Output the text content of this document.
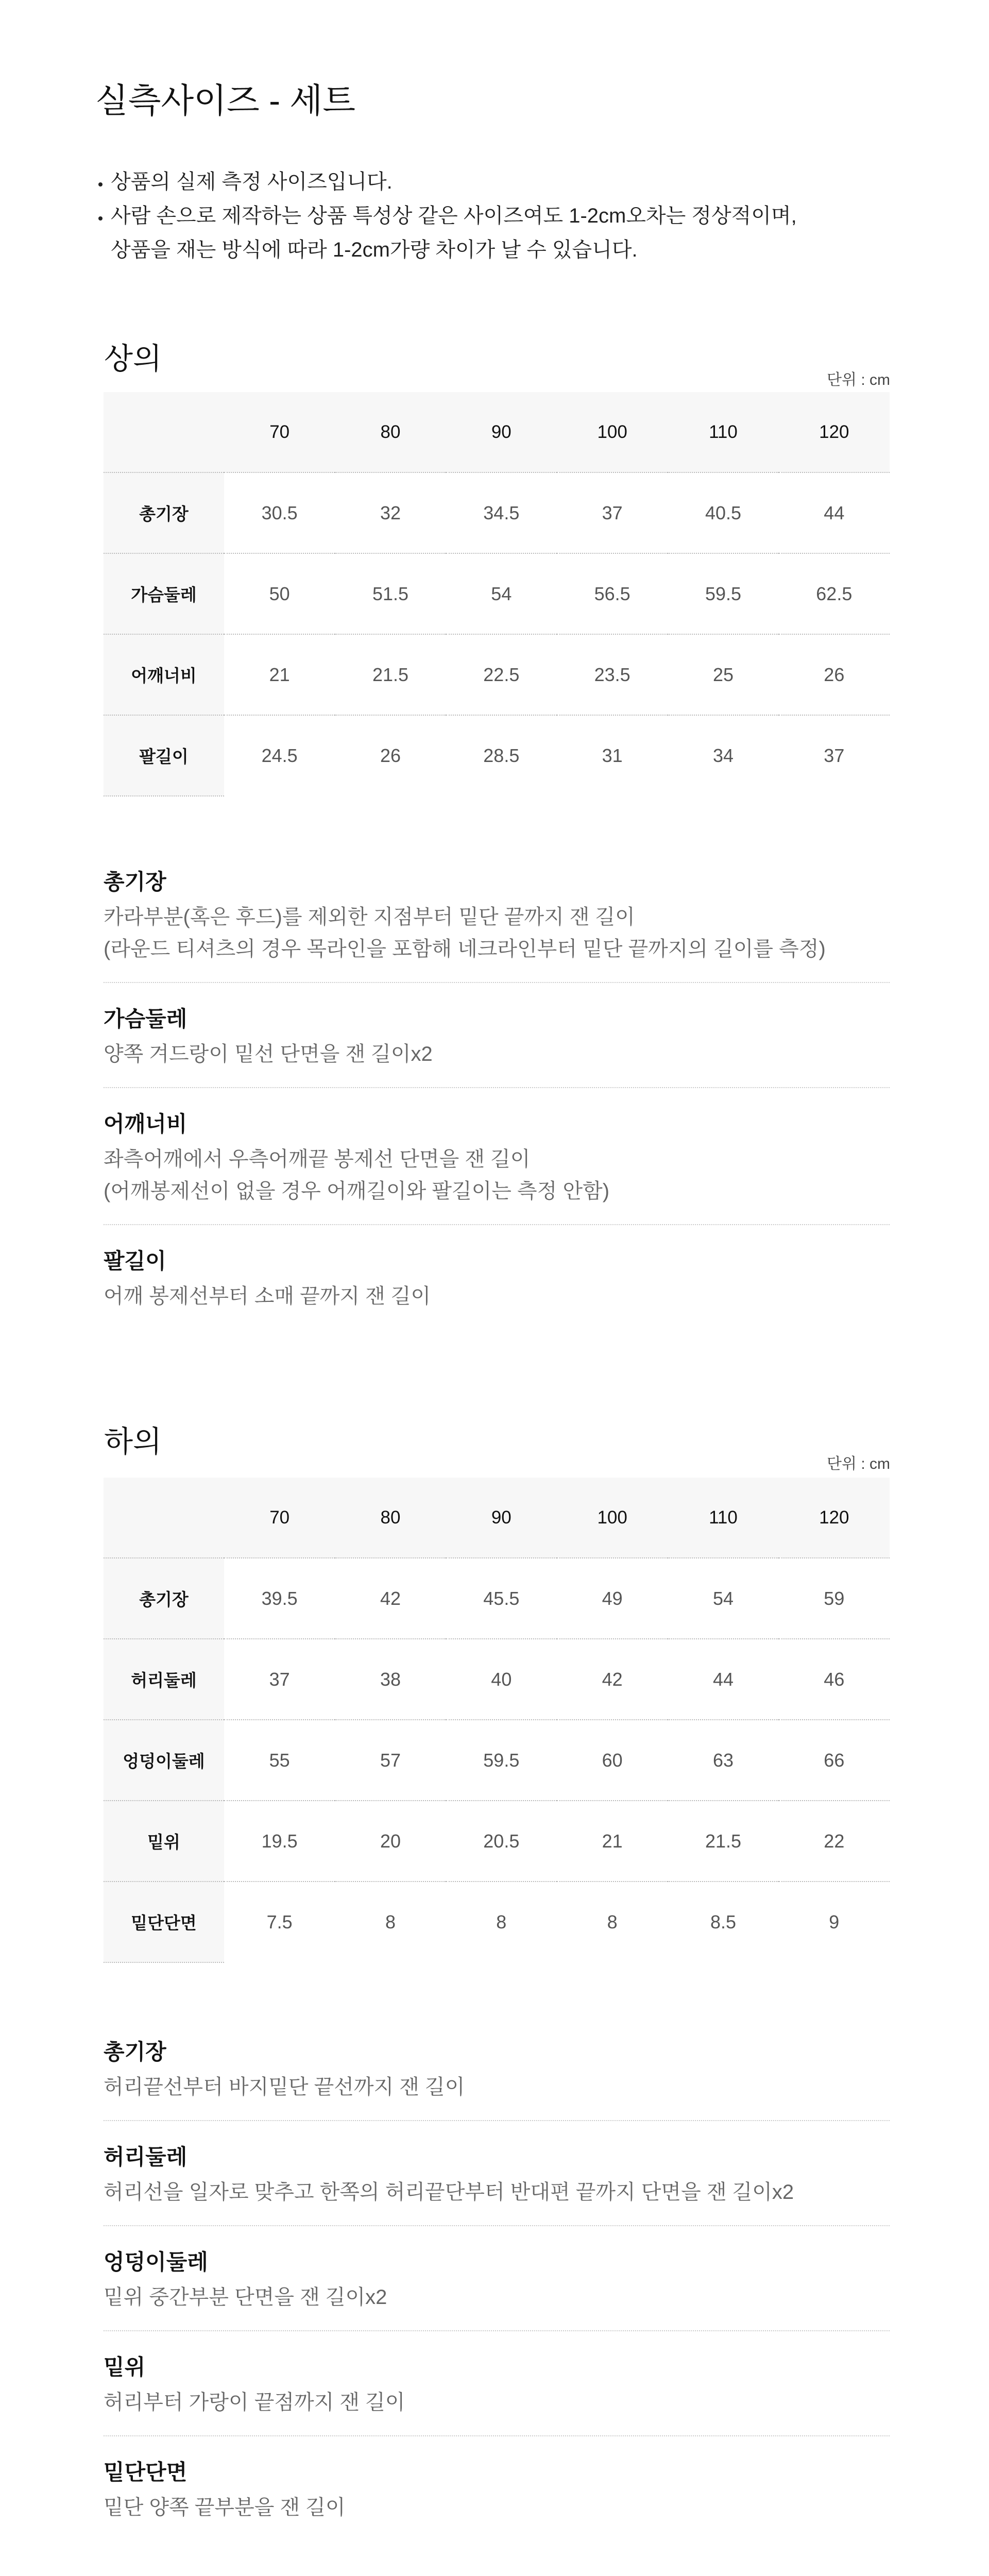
실측사이즈 - 세트
상품의 실제 측정 사이즈입니다.
사람 손으로 제작하는 상품 특성상 같은 사이즈여도 1-2cm오차는 정상적이며,
상품을 재는 방식에 따라 1-2cm가량 차이가 날 수 있습니다.
상의
단위 : cm
	70	80	90	100	110	120
총기장	30.5	32	34.5	37	40.5	44
가슴둘레	50	51.5	54	56.5	59.5	62.5
어깨너비	21	21.5	22.5	23.5	25	26
팔길이	24.5	26	28.5	31	34	37
총기장
카라부분(혹은 후드)를 제외한 지점부터 밑단 끝까지 잰 길이
(라운드 티셔츠의 경우 목라인을 포함해 네크라인부터 밑단 끝까지의 길이를 측정)
가슴둘레
양쪽 겨드랑이 밑선 단면을 잰 길이x2
어깨너비
좌측어깨에서 우측어깨끝 봉제선 단면을 잰 길이
(어깨봉제선이 없을 경우 어깨길이와 팔길이는 측정 안함)
팔길이
어깨 봉제선부터 소매 끝까지 잰 길이
하의
단위 : cm
	70	80	90	100	110	120
총기장	39.5	42	45.5	49	54	59
허리둘레	37	38	40	42	44	46
엉덩이둘레	55	57	59.5	60	63	66
밑위	19.5	20	20.5	21	21.5	22
밑단단면	7.5	8	8	8	8.5	9
총기장
허리끝선부터 바지밑단 끝선까지 잰 길이
허리둘레
허리선을 일자로 맞추고 한쪽의 허리끝단부터 반대편 끝까지 단면을 잰 길이x2
엉덩이둘레
밑위 중간부분 단면을 잰 길이x2
밑위
허리부터 가랑이 끝점까지 잰 길이
밑단단면
밑단 양쪽 끝부분을 잰 길이
